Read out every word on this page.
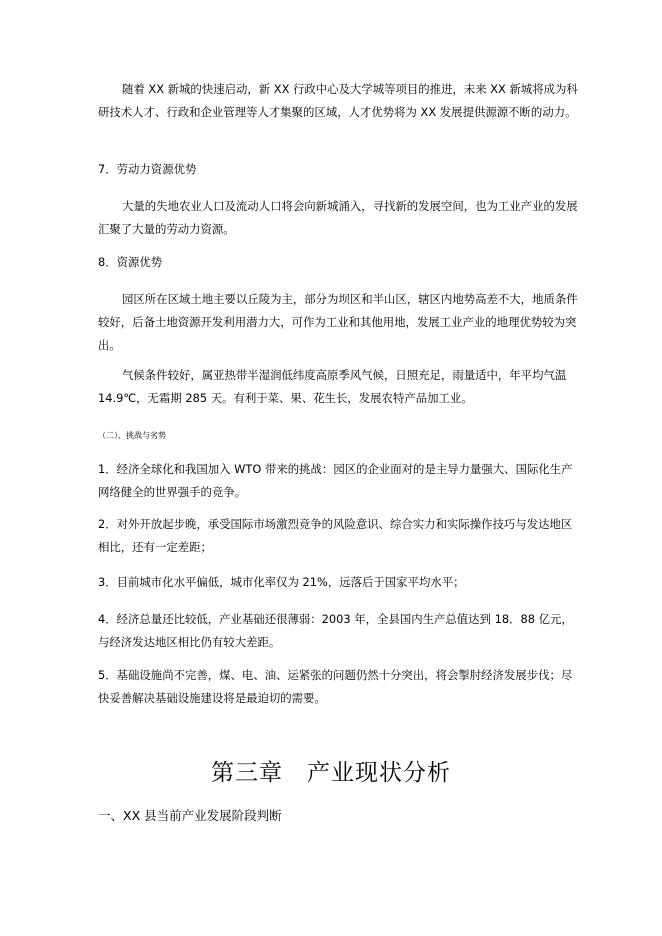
随着 XX 新城的快速启动，新 XX 行政中心及大学城等项目的推进，未来 XX 新城将成为科研技术人才、行政和企业管理等人才集聚的区域，人才优势将为 XX 发展提供源源不断的动力。

7．劳动力资源优势

大量的失地农业人口及流动人口将会向新城涌入，寻找新的发展空间，也为工业产业的发展汇聚了大量的劳动力资源。

8．资源优势

园区所在区域土地主要以丘陵为主，部分为坝区和半山区，辖区内地势高差不大，地质条件较好，后备土地资源开发利用潜力大，可作为工业和其他用地，发展工业产业的地理优势较为突出。

气候条件较好，属亚热带半湿润低纬度高原季风气候，日照充足，雨量适中，年平均气温 14.9℃，无霜期 285 天。有利于菜、果、花生长，发展农特产品加工业。

（二）、挑战与劣势

1．经济全球化和我国加入 WTO 带来的挑战：园区的企业面对的是主导力量强大、国际化生产网络健全的世界强手的竞争。

2．对外开放起步晚，承受国际市场激烈竞争的风险意识、综合实力和实际操作技巧与发达地区相比，还有一定差距；

3．目前城市化水平偏低，城市化率仅为 21%，远落后于国家平均水平；

4．经济总量还比较低，产业基础还很薄弱：2003 年，全县国内生产总值达到 18．88 亿元，与经济发达地区相比仍有较大差距。

5．基础设施尚不完善，煤、电、油、运紧张的问题仍然十分突出，将会掣肘经济发展步伐；尽快妥善解决基础设施建设将是最迫切的需要。

第三章　产业现状分析
一、XX 县当前产业发展阶段判断
